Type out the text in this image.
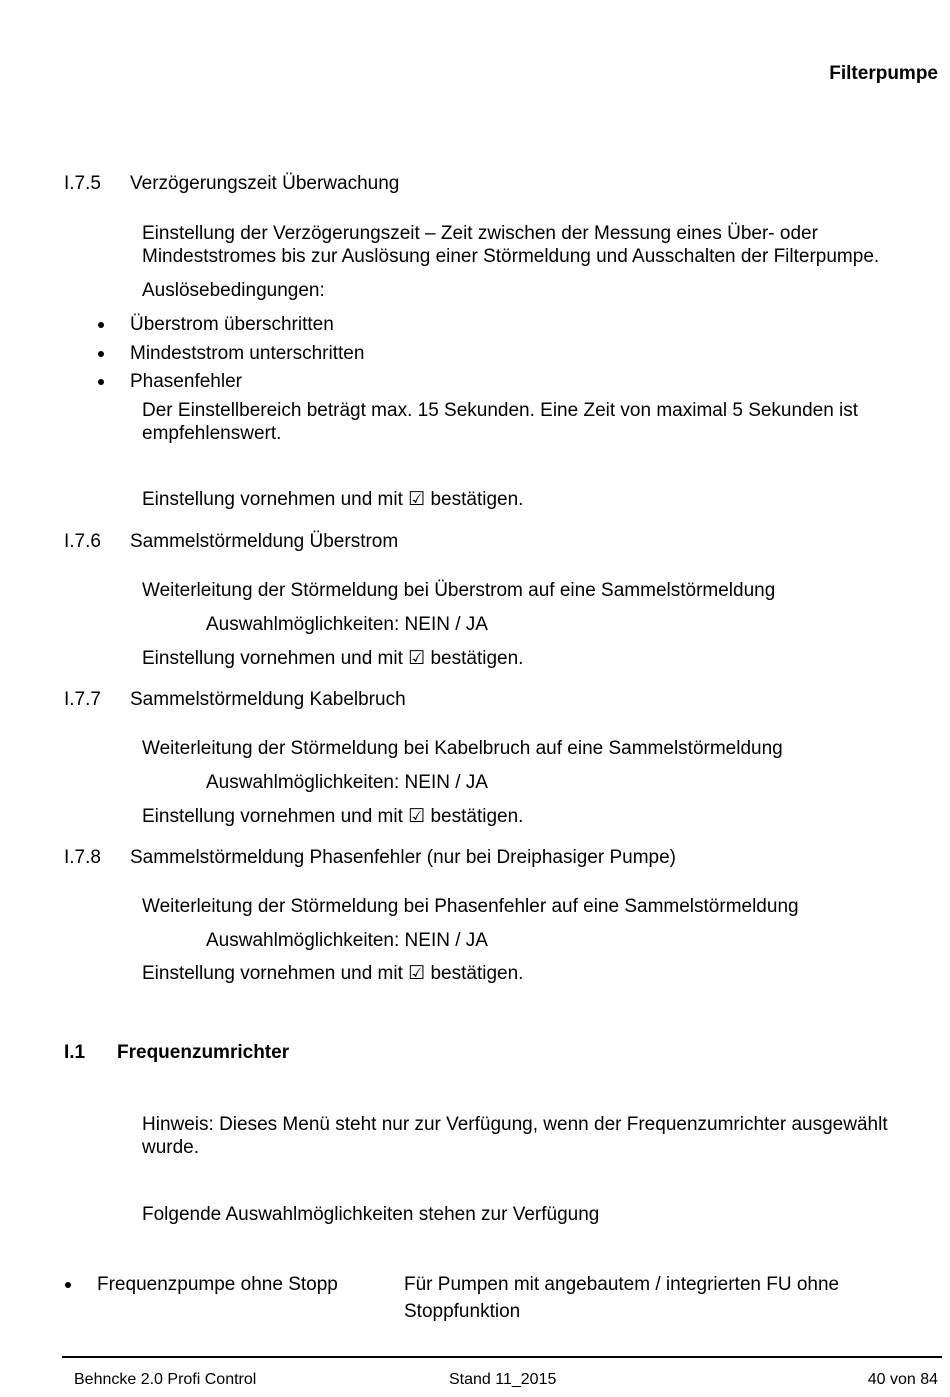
Filterpumpe
I.7.5 Verzögerungszeit Überwachung
Einstellung der Verzögerungszeit – Zeit zwischen der Messung eines Über- oder
Mindeststromes bis zur Auslösung einer Störmeldung und Ausschalten der Filterpumpe.
Auslösebedingungen:
Überstrom überschritten
Mindeststrom unterschritten
Phasenfehler
Der Einstellbereich beträgt max. 15 Sekunden. Eine Zeit von maximal 5 Sekunden ist
empfehlenswert.
Einstellung vornehmen und mit ☑ bestätigen.
I.7.6 Sammelstörmeldung Überstrom
Weiterleitung der Störmeldung bei Überstrom auf eine Sammelstörmeldung
Auswahlmöglichkeiten: NEIN / JA
Einstellung vornehmen und mit ☑ bestätigen.
I.7.7 Sammelstörmeldung Kabelbruch
Weiterleitung der Störmeldung bei Kabelbruch auf eine Sammelstörmeldung
Auswahlmöglichkeiten: NEIN / JA
Einstellung vornehmen und mit ☑ bestätigen.
I.7.8 Sammelstörmeldung Phasenfehler (nur bei Dreiphasiger Pumpe)
Weiterleitung der Störmeldung bei Phasenfehler auf eine Sammelstörmeldung
Auswahlmöglichkeiten: NEIN / JA
Einstellung vornehmen und mit ☑ bestätigen.
I.1 Frequenzumrichter
Hinweis: Dieses Menü steht nur zur Verfügung, wenn der Frequenzumrichter ausgewählt
wurde.
Folgende Auswahlmöglichkeiten stehen zur Verfügung
Frequenzpumpe ohne Stopp	Für Pumpen mit angebautem / integrierten FU ohne
Stoppfunktion
Behncke 2.0 Profi Control	Stand 11_2015	40 von 84
